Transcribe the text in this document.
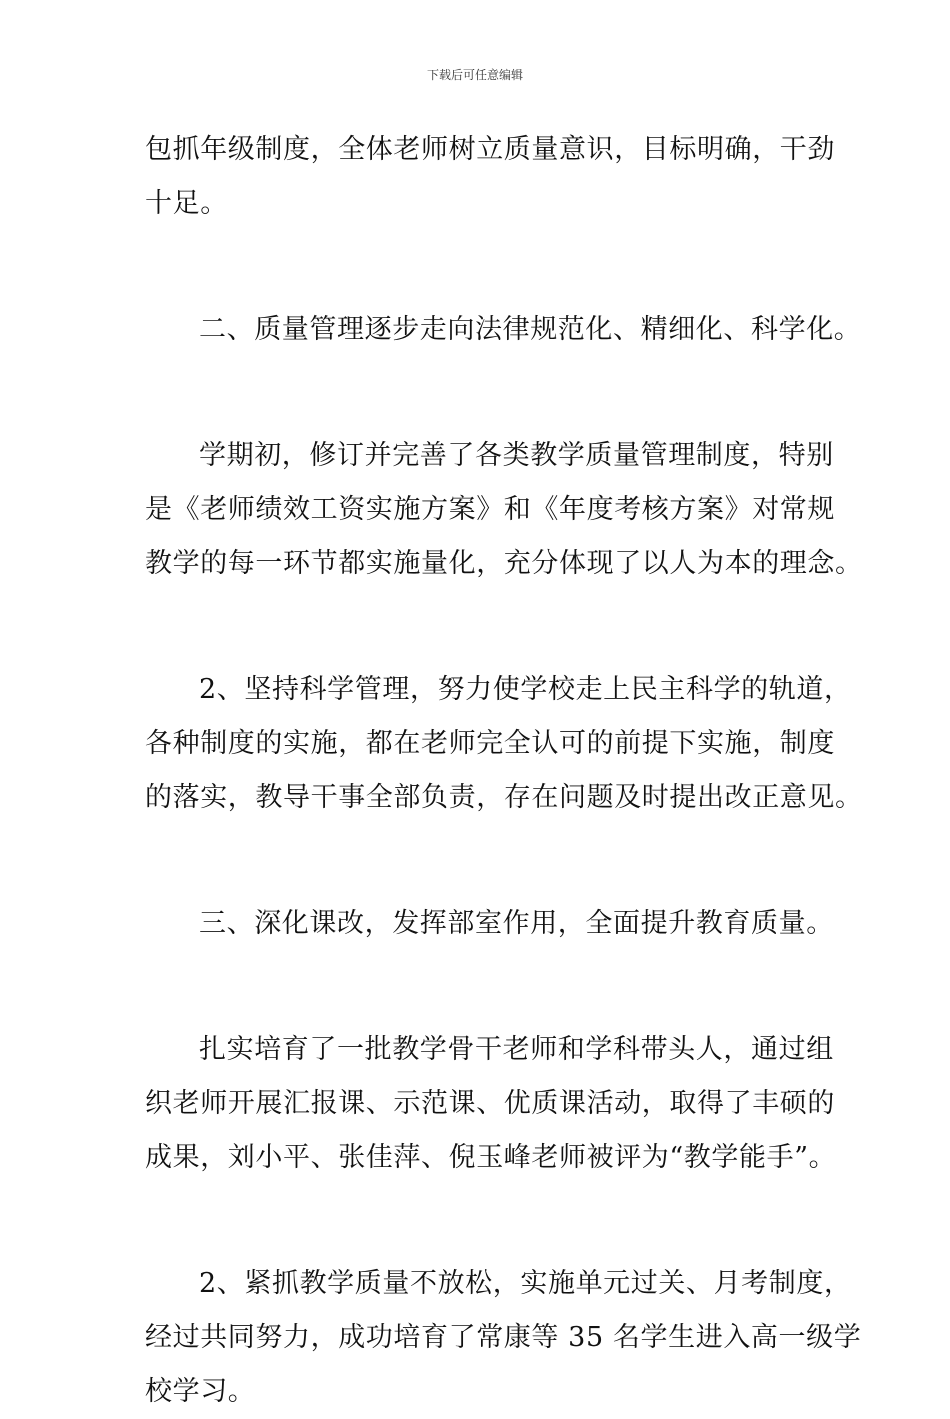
下载后可任意编辑
包抓年级制度，全体老师树立质量意识，目标明确，干劲
十足。
二、质量管理逐步走向法律规范化、精细化、科学化。
学期初，修订并完善了各类教学质量管理制度，特别
是《老师绩效工资实施方案》和《年度考核方案》对常规
教学的每一环节都实施量化，充分体现了以人为本的理念。
2、坚持科学管理，努力使学校走上民主科学的轨道，
各种制度的实施，都在老师完全认可的前提下实施，制度
的落实，教导干事全部负责，存在问题及时提出改正意见。
三、深化课改，发挥部室作用，全面提升教育质量。
扎实培育了一批教学骨干老师和学科带头人，通过组
织老师开展汇报课、示范课、优质课活动，取得了丰硕的
成果，刘小平、张佳萍、倪玉峰老师被评为“教学能手”。
2、紧抓教学质量不放松，实施单元过关、月考制度，
经过共同努力，成功培育了常康等 35 名学生进入高一级学
校学习。
